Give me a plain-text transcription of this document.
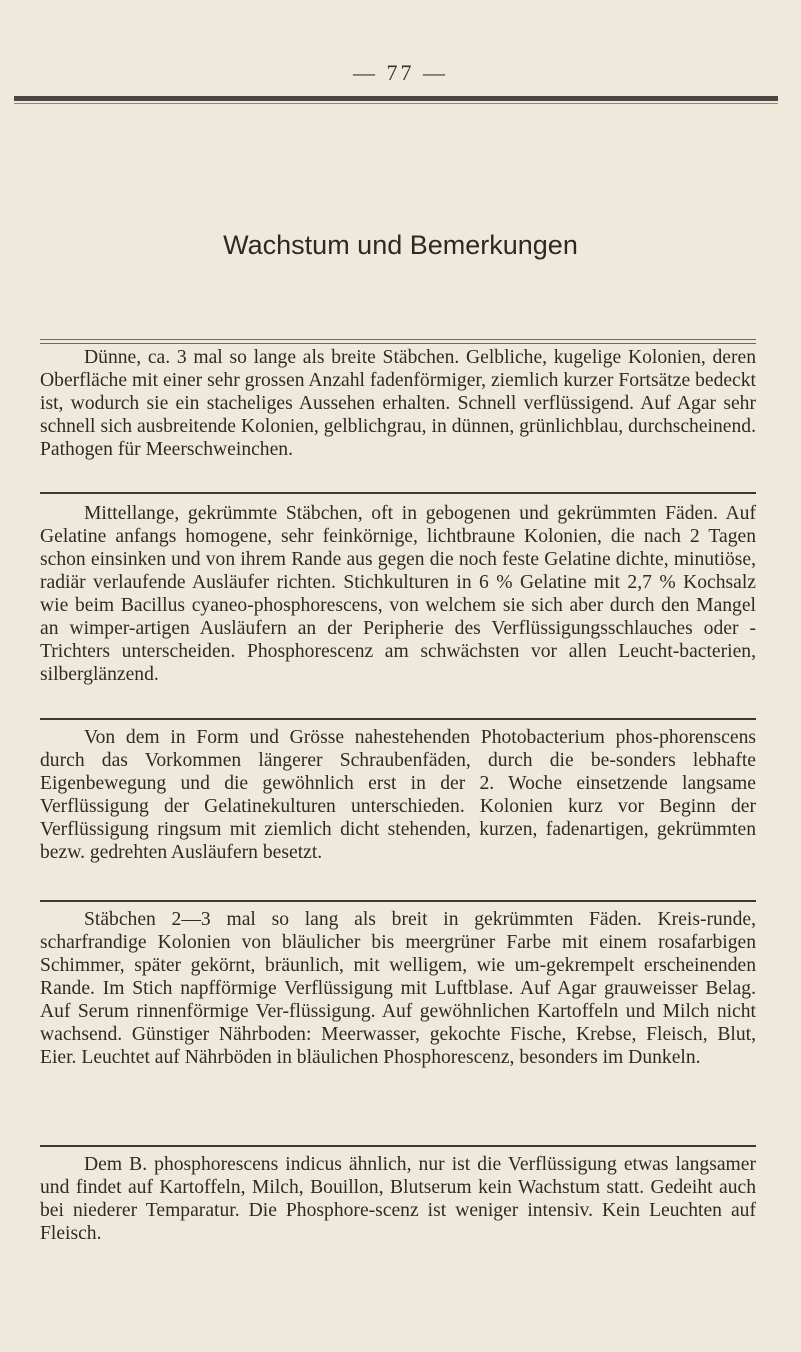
— 77 —
Wachstum und Bemerkungen

Dünne, ca. 3 mal so lange als breite Stäbchen. Gelbliche, kugelige Kolonien, deren Oberfläche mit einer sehr grossen Anzahl fadenförmiger, ziemlich kurzer Fortsätze bedeckt ist, wodurch sie ein stacheliges Aussehen erhalten. Schnell verflüssigend. Auf Agar sehr schnell sich ausbreitende Kolonien, gelblichgrau, in dünnen, grünlichblau, durchscheinend. Pathogen für Meerschweinchen.

Mittellange, gekrümmte Stäbchen, oft in gebogenen und gekrümmten Fäden. Auf Gelatine anfangs homogene, sehr feinkörnige, lichtbraune Kolonien, die nach 2 Tagen schon einsinken und von ihrem Rande aus gegen die noch feste Gelatine dichte, minutiöse, radiär verlaufende Ausläufer richten. Stichkulturen in 6 % Gelatine mit 2,7 % Kochsalz wie beim Bacillus cyaneo-phosphorescens, von welchem sie sich aber durch den Mangel an wimper-artigen Ausläufern an der Peripherie des Verflüssigungsschlauches oder -Trichters unterscheiden. Phosphorescenz am schwächsten vor allen Leucht-bacterien, silberglänzend.

Von dem in Form und Grösse nahestehenden Photobacterium phos-phorenscens durch das Vorkommen längerer Schraubenfäden, durch die be-sonders lebhafte Eigenbewegung und die gewöhnlich erst in der 2. Woche einsetzende langsame Verflüssigung der Gelatinekulturen unterschieden. Kolonien kurz vor Beginn der Verflüssigung ringsum mit ziemlich dicht stehenden, kurzen, fadenartigen, gekrümmten bezw. gedrehten Ausläufern besetzt.

Stäbchen 2—3 mal so lang als breit in gekrümmten Fäden. Kreis-runde, scharfrandige Kolonien von bläulicher bis meergrüner Farbe mit einem rosafarbigen Schimmer, später gekörnt, bräunlich, mit welligem, wie um-gekrempelt erscheinenden Rande. Im Stich napfförmige Verflüssigung mit Luftblase. Auf Agar grauweisser Belag. Auf Serum rinnenförmige Ver-flüssigung. Auf gewöhnlichen Kartoffeln und Milch nicht wachsend. Günstiger Nährboden: Meerwasser, gekochte Fische, Krebse, Fleisch, Blut, Eier. Leuchtet auf Nährböden in bläulichen Phosphorescenz, besonders im Dunkeln.

Dem B. phosphorescens indicus ähnlich, nur ist die Verflüssigung etwas langsamer und findet auf Kartoffeln, Milch, Bouillon, Blutserum kein Wachstum statt. Gedeiht auch bei niederer Temparatur. Die Phosphore-scenz ist weniger intensiv. Kein Leuchten auf Fleisch.
